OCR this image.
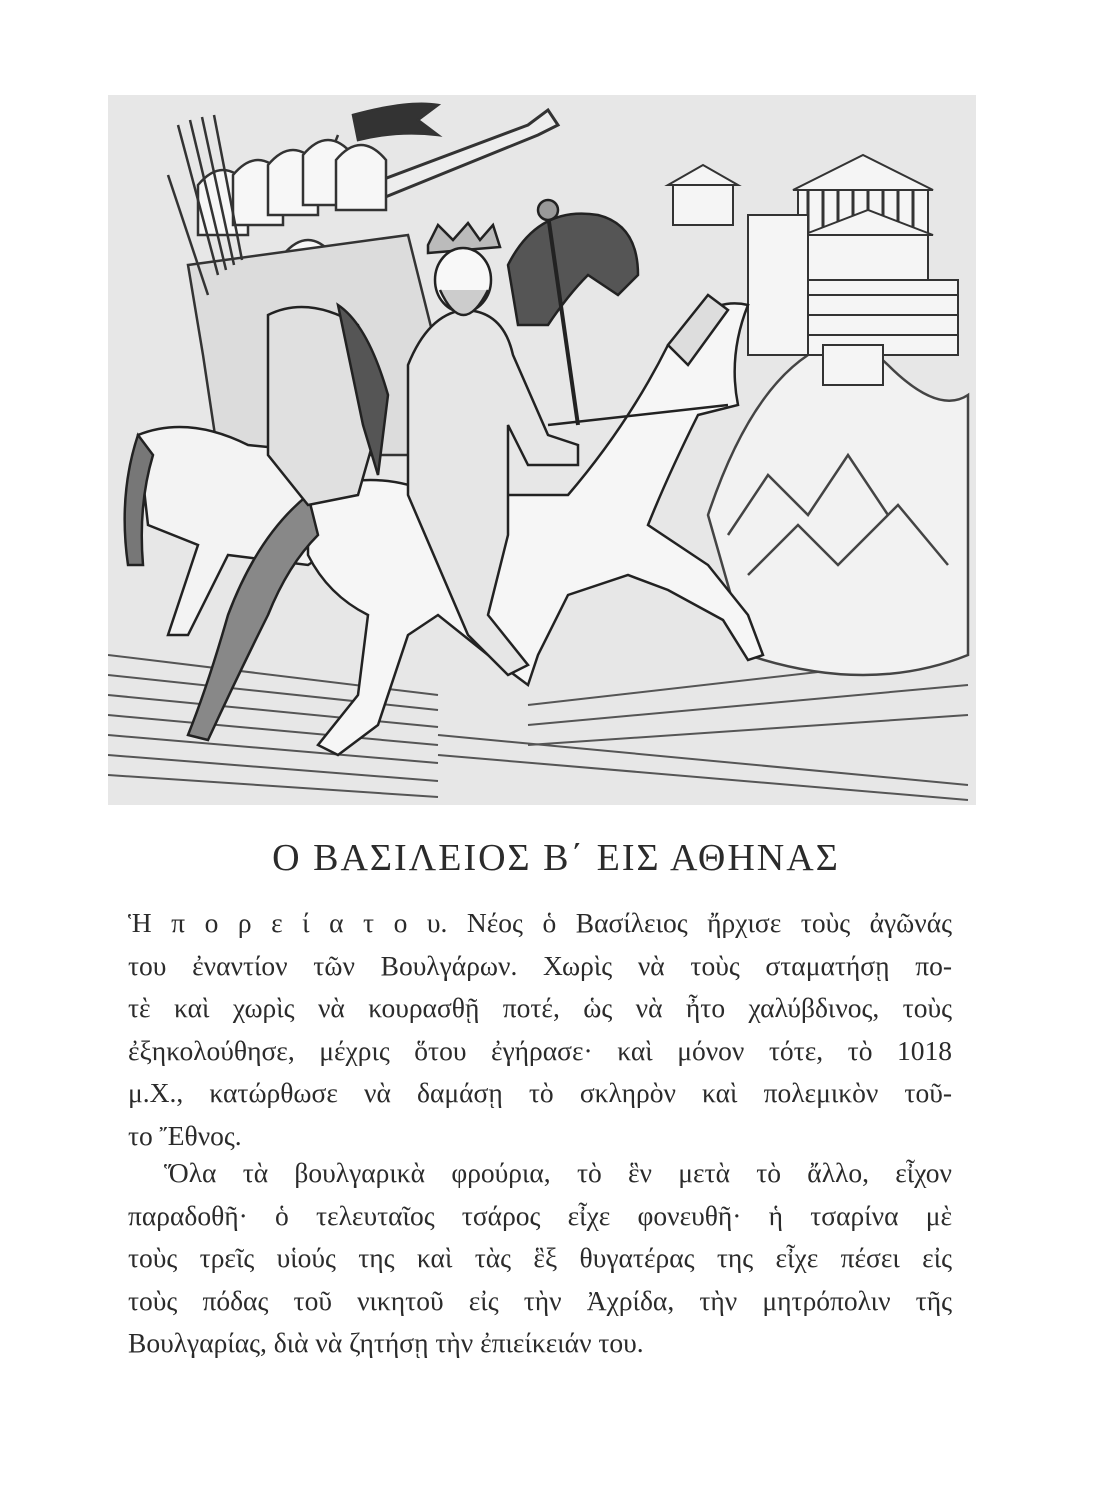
Ο ΒΑΣΙΛΕΙΟΣ Β΄ ΕΙΣ ΑΘΗΝΑΣ
Ἡ π ο ρ ε ί α τ ο υ. Νέος ὁ Βασίλειος ἤρχισε τοὺς ἀγῶνάς
του ἐναντίον τῶν Βουλγάρων. Χωρὶς νὰ τοὺς σταματήσῃ πο-
τὲ καὶ χωρὶς νὰ κουρασθῇ ποτέ, ὡς νὰ ἦτο χαλύβδινος, τοὺς
ἐξηκολούθησε, μέχρις ὅτου ἐγήρασε· καὶ μόνον τότε, τὸ 1018
μ.Χ., κατώρθωσε νὰ δαμάσῃ τὸ σκληρὸν καὶ πολεμικὸν τοῦ-
το Ἔθνος.
Ὅλα τὰ βουλγαρικὰ φρούρια, τὸ ἓν μετὰ τὸ ἄλλο, εἶχον
παραδοθῆ· ὁ τελευταῖος τσάρος εἶχε φονευθῆ· ἡ τσαρίνα μὲ
τοὺς τρεῖς υἱούς της καὶ τὰς ἓξ θυγατέρας της εἶχε πέσει εἰς
τοὺς πόδας τοῦ νικητοῦ εἰς τὴν Ἀχρίδα, τὴν μητρόπολιν τῆς
Βουλγαρίας, διὰ νὰ ζητήσῃ τὴν ἐπιείκειάν του.
